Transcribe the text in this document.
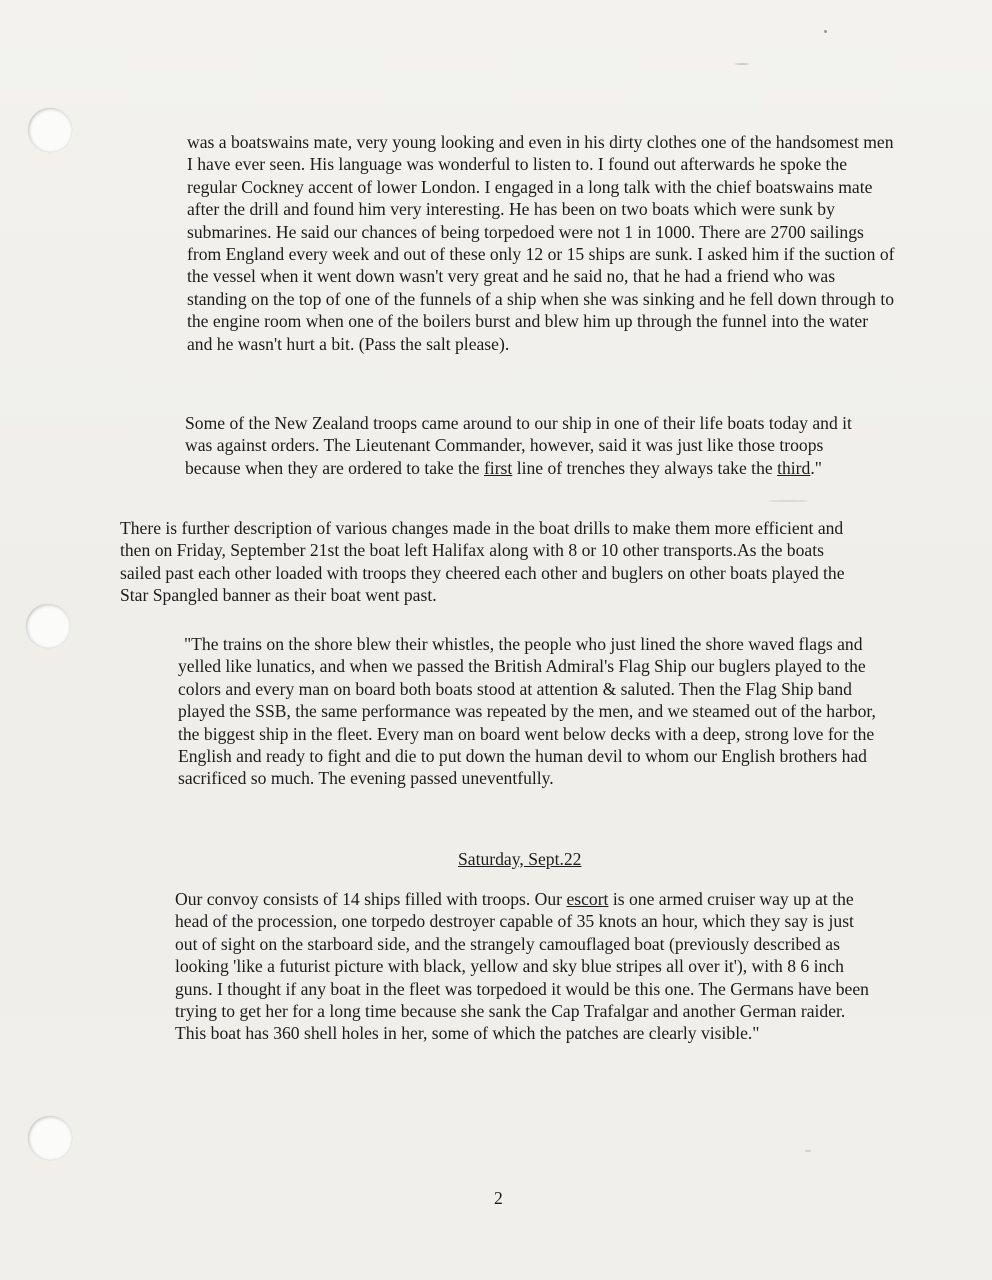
was a boatswains mate, very young looking and even in his dirty clothes one of the handsomest men I have ever seen. His language was wonderful to listen to. I found out afterwards he spoke the regular Cockney accent of lower London. I engaged in a long talk with the chief boatswains mate after the drill and found him very interesting. He has been on two boats which were sunk by submarines. He said our chances of being torpedoed were not 1 in 1000. There are 2700 sailings from England every week and out of these only 12 or 15 ships are sunk. I asked him if the suction of the vessel when it went down wasn't very great and he said no, that he had a friend who was standing on the top of one of the funnels of a ship when she was sinking and he fell down through to the engine room when one of the boilers burst and blew him up through the funnel into the water and he wasn't hurt a bit. (Pass the salt please).

Some of the New Zealand troops came around to our ship in one of their life boats today and it was against orders. The Lieutenant Commander, however, said it was just like those troops because when they are ordered to take the first line of trenches they always take the third."

There is further description of various changes made in the boat drills to make them more efficient and then on Friday, September 21st the boat left Halifax along with 8 or 10 other transports.As the boats sailed past each other loaded with troops they cheered each other and buglers on other boats played the Star Spangled banner as their boat went past.

"The trains on the shore blew their whistles, the people who just lined the shore waved flags and yelled like lunatics, and when we passed the British Admiral's Flag Ship our buglers played to the colors and every man on board both boats stood at attention & saluted. Then the Flag Ship band played the SSB, the same performance was repeated by the men, and we steamed out of the harbor, the biggest ship in the fleet. Every man on board went below decks with a deep, strong love for the English and ready to fight and die to put down the human devil to whom our English brothers had sacrificed so much. The evening passed uneventfully.

Saturday, Sept.22

Our convoy consists of 14 ships filled with troops. Our escort is one armed cruiser way up at the head of the procession, one torpedo destroyer capable of 35 knots an hour, which they say is just out of sight on the starboard side, and the strangely camouflaged boat (previously described as looking 'like a futurist picture with black, yellow and sky blue stripes all over it'), with 8 6 inch guns. I thought if any boat in the fleet was torpedoed it would be this one. The Germans have been trying to get her for a long time because she sank the Cap Trafalgar and another German raider. This boat has 360 shell holes in her, some of which the patches are clearly visible."

2
